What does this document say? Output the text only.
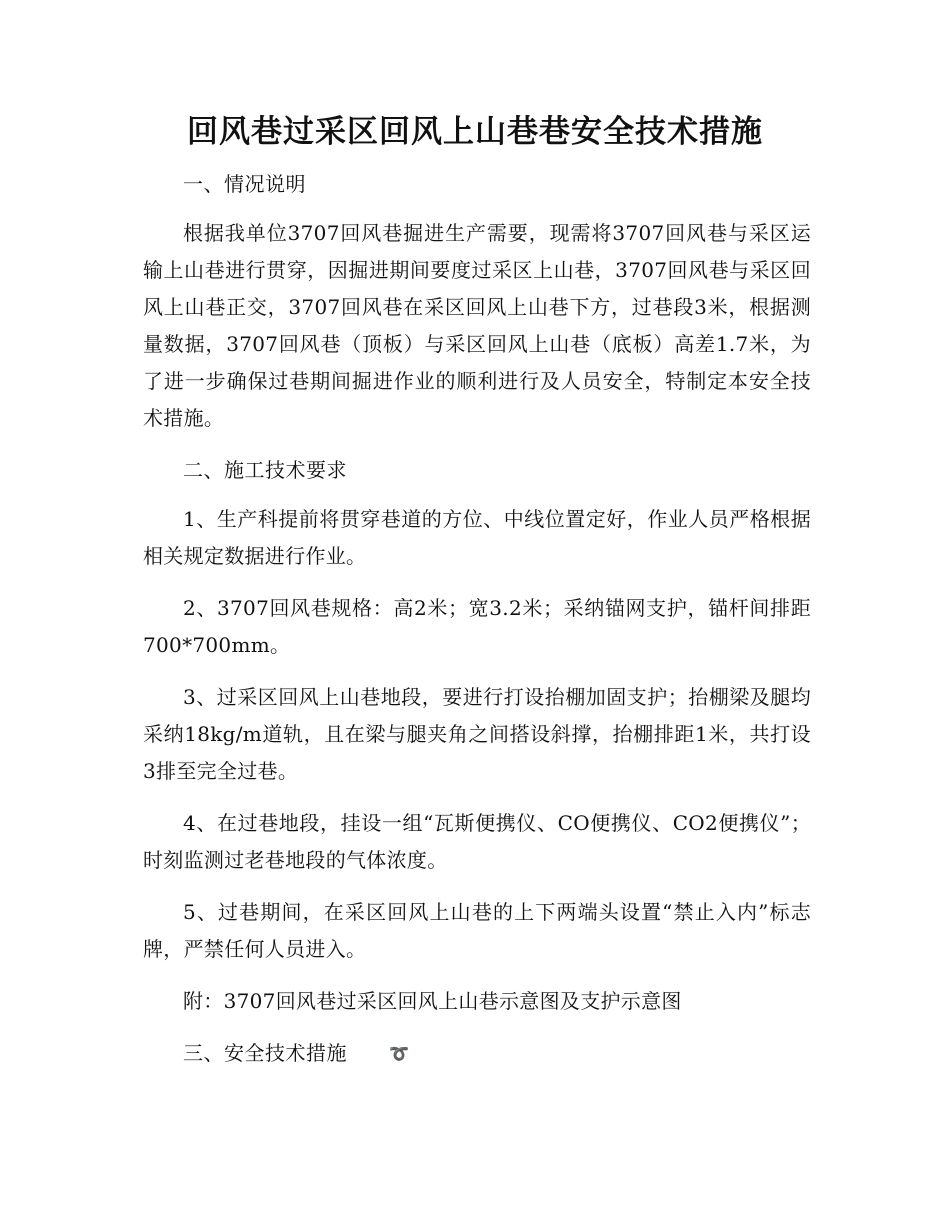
回风巷过采区回风上山巷巷安全技术措施

一、情况说明

根据我单位3707回风巷掘进生产需要，现需将3707回风巷与采区运输上山巷进行贯穿，因掘进期间要度过采区上山巷，3707回风巷与采区回风上山巷正交，3707回风巷在采区回风上山巷下方，过巷段3米，根据测量数据，3707回风巷（顶板）与采区回风上山巷（底板）高差1.7米，为了进一步确保过巷期间掘进作业的顺利进行及人员安全，特制定本安全技术措施。

二、施工技术要求

1、生产科提前将贯穿巷道的方位、中线位置定好，作业人员严格根据相关规定数据进行作业。

2、3707回风巷规格：高2米；宽3.2米；采纳锚网支护，锚杆间排距700*700mm。

3、过采区回风上山巷地段，要进行打设抬棚加固支护；抬棚梁及腿均采纳18kg/m道轨，且在梁与腿夹角之间搭设斜撑，抬棚排距1米，共打设3排至完全过巷。

4、在过巷地段，挂设一组“瓦斯便携仪、CO便携仪、CO2便携仪”；时刻监测过老巷地段的气体浓度。

5、过巷期间，在采区回风上山巷的上下两端头设置“禁止入内”标志牌，严禁任何人员进入。

附：3707回风巷过采区回风上山巷示意图及支护示意图

三、安全技术措施	➰
